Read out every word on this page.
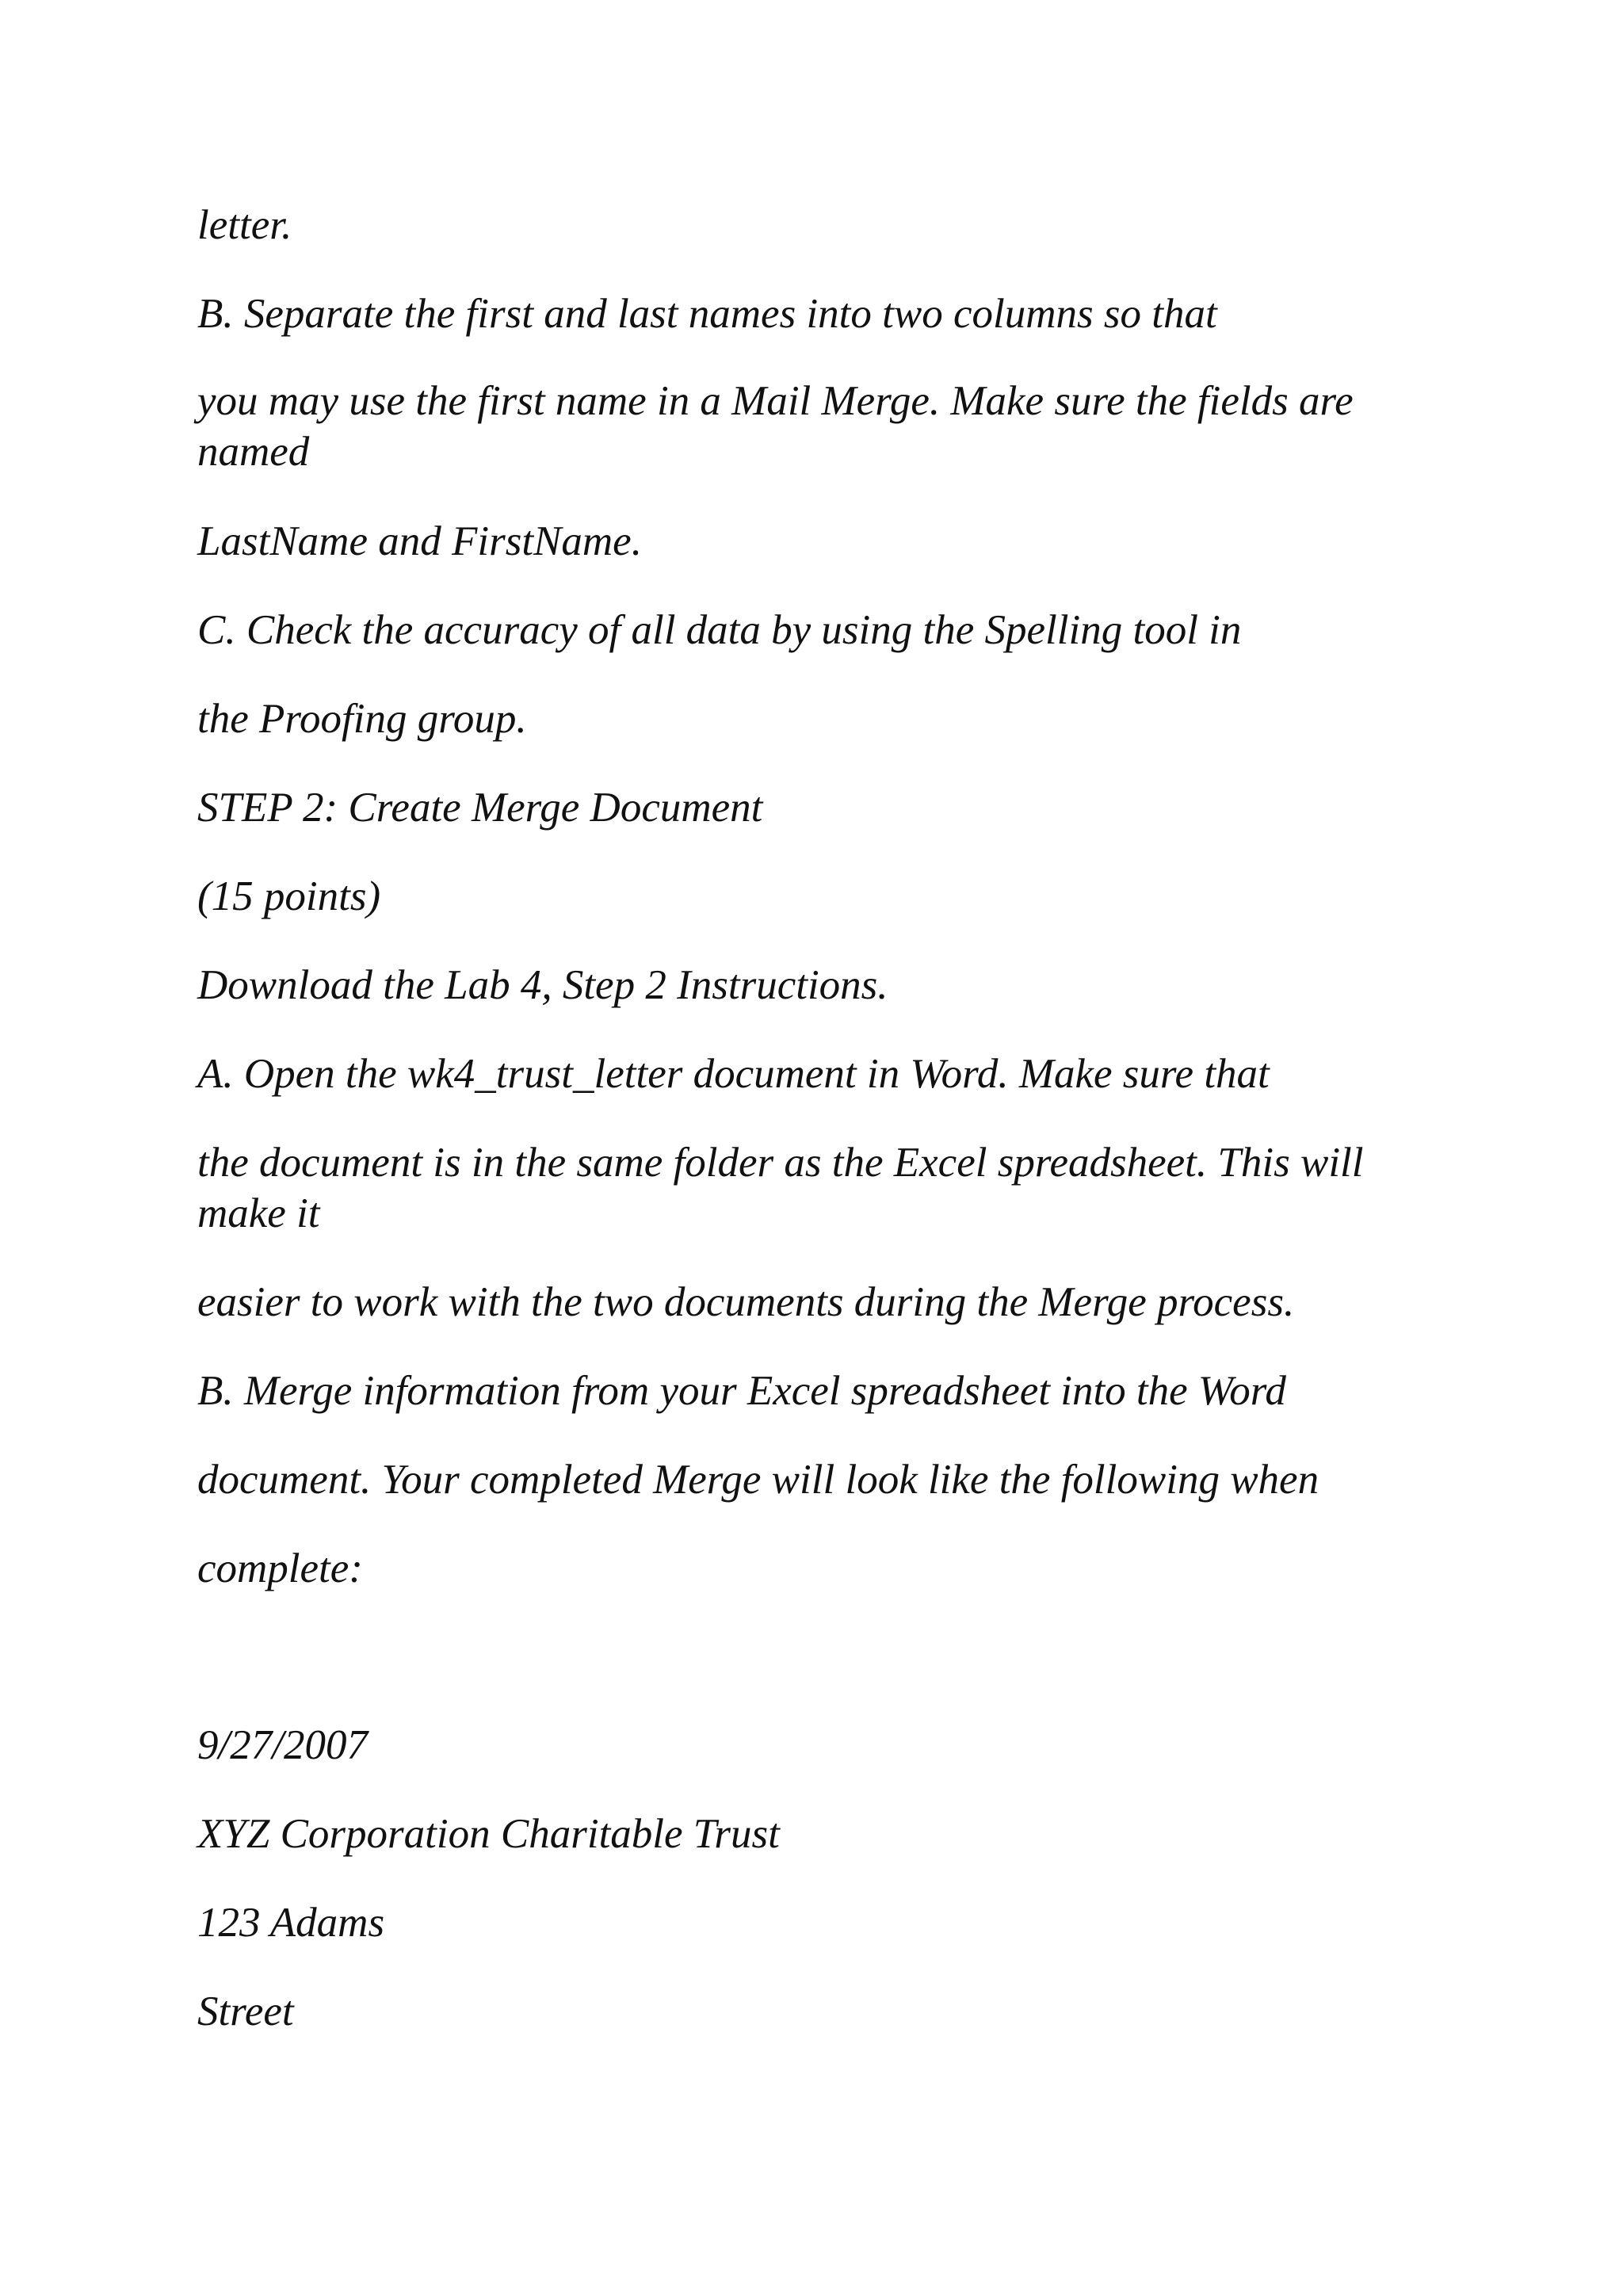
letter.
B. Separate the first and last names into two columns so that
you may use the first name in a Mail Merge. Make sure the fields are named
LastName and FirstName.
C. Check the accuracy of all data by using the Spelling tool in
the Proofing group.
STEP 2: Create Merge Document
(15 points)
Download the Lab 4, Step 2 Instructions.
A. Open the wk4_trust_letter document in Word. Make sure that
the document is in the same folder as the Excel spreadsheet. This will make it
easier to work with the two documents during the Merge process.
B. Merge information from your Excel spreadsheet into the Word
document. Your completed Merge will look like the following when
complete:
9/27/2007
XYZ Corporation Charitable Trust
123 Adams
Street
